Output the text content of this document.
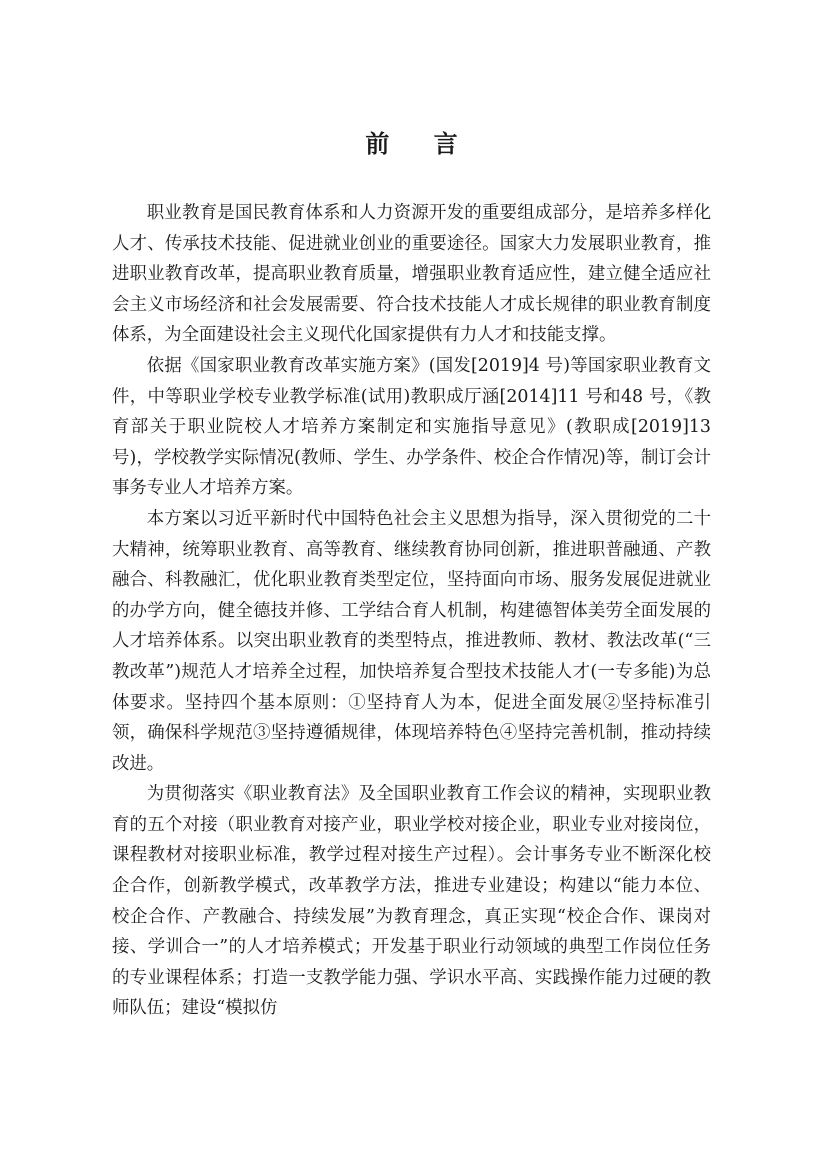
前 言

职业教育是国民教育体系和人力资源开发的重要组成部分，是培养多样化人才、传承技术技能、促进就业创业的重要途径。国家大力发展职业教育，推进职业教育改革，提高职业教育质量，增强职业教育适应性，建立健全适应社会主义市场经济和社会发展需要、符合技术技能人才成长规律的职业教育制度体系，为全面建设社会主义现代化国家提供有力人才和技能支撑。

依据《国家职业教育改革实施方案》(国发[2019]4 号)等国家职业教育文件，中等职业学校专业教学标准(试用)教职成厅涵[2014]11 号和48 号，《教育部关于职业院校人才培养方案制定和实施指导意见》(教职成[2019]13 号)，学校教学实际情况(教师、学生、办学条件、校企合作情况)等，制订会计事务专业人才培养方案。

本方案以习近平新时代中国特色社会主义思想为指导，深入贯彻党的二十大精神，统筹职业教育、高等教育、继续教育协同创新，推进职普融通、产教融合、科教融汇，优化职业教育类型定位，坚持面向市场、服务发展促进就业的办学方向，健全德技并修、工学结合育人机制，构建德智体美劳全面发展的人才培养体系。以突出职业教育的类型特点，推进教师、教材、教法改革(“三教改革”)规范人才培养全过程，加快培养复合型技术技能人才(一专多能)为总体要求。坚持四个基本原则：①坚持育人为本，促进全面发展②坚持标准引领，确保科学规范③坚持遵循规律，体现培养特色④坚持完善机制，推动持续改进。

为贯彻落实《职业教育法》及全国职业教育工作会议的精神，实现职业教育的五个对接（职业教育对接产业，职业学校对接企业，职业专业对接岗位，课程教材对接职业标准，教学过程对接生产过程）。会计事务专业不断深化校企合作，创新教学模式，改革教学方法，推进专业建设；构建以“能力本位、校企合作、产教融合、持续发展”为教育理念，真正实现“校企合作、课岗对接、学训合一”的人才培养模式；开发基于职业行动领域的典型工作岗位任务的专业课程体系；打造一支教学能力强、学识水平高、实践操作能力过硬的教师队伍；建设“模拟仿
